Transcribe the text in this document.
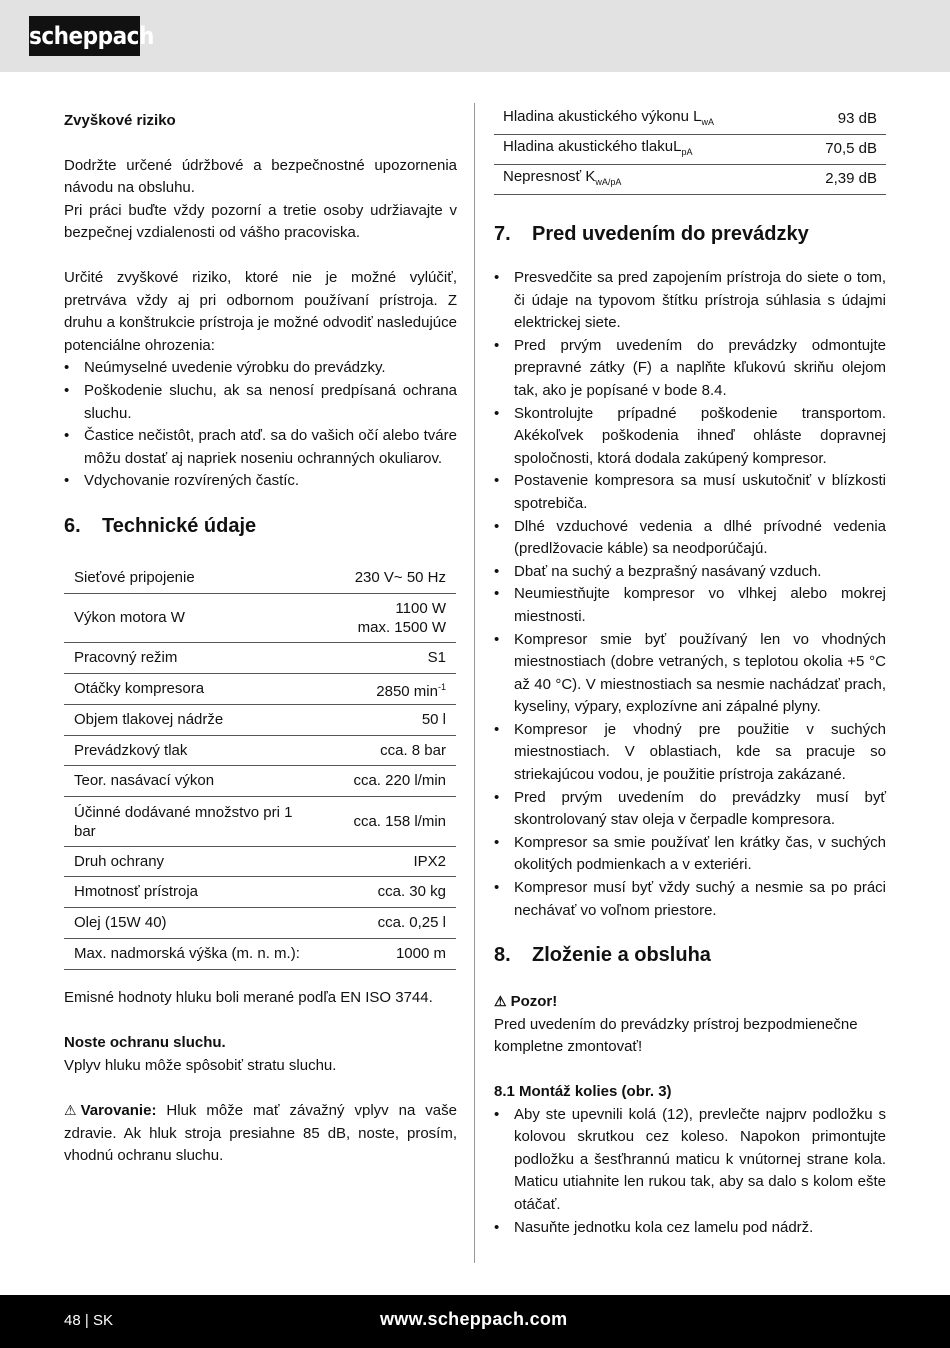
scheppach

Zvyškové riziko

Dodržte určené údržbové a bezpečnostné upozornenia návodu na obsluhu.

Pri práci buďte vždy pozorní a tretie osoby udržiavajte v bezpečnej vzdialenosti od vášho pracoviska.

Určité zvyškové riziko, ktoré nie je možné vylúčiť, pretrváva vždy aj pri odbornom používaní prístroja. Z druhu a konštrukcie prístroja je možné odvodiť nasledujúce potenciálne ohrozenia:

• Neúmyselné uvedenie výrobku do prevádzky.
• Poškodenie sluchu, ak sa nenosí predpísaná ochrana sluchu.
• Častice nečistôt, prach atď. sa do vašich očí alebo tváre môžu dostať aj napriek noseniu ochranných okuliarov.
• Vdychovanie rozvírených častíc.
6. Technické údaje
Sieťové pripojenie	230 V~ 50 Hz
Výkon motora W	1100 W
max. 1500 W
Pracovný režim	S1
Otáčky kompresora	2850 $\min^{-1}$
Objem tlakovej nádrže	50 l
Prevádzkový tlak	cca. 8 bar
Teor. nasávací výkon	cca. 220 l/min
Účinné dodávané množstvo pri 1 bar	cca. 158 l/min
Druh ochrany	IPX2
Hmotnosť prístroja	cca. 30 kg
Olej (15W 40)	cca. 0,25 l
Max. nadmorská výška (m. n. m.):	1000 m

Emisné hodnoty hluku boli merané podľa EN ISO 3744.

Noste ochranu sluchu.

Vplyv hluku môže spôsobiť stratu sluchu.

⚠ Varovanie: Hluk môže mať závažný vplyv na vaše zdravie. Ak hluk stroja presiahne 85 dB, noste, prosím, vhodnú ochranu sluchu.

Hladina akustického výkonu $L_{wA}$	93 dB
Hladina akustického tlakuL$_{pA}$	70,5 dB
Nepresnosť $K_{wA/pA}$	2,39 dB
7. Pred uvedením do prevádzky
• Presvedčite sa pred zapojením prístroja do siete o tom, či údaje na typovom štítku prístroja súhlasia s údajmi elektrickej siete.
• Pred prvým uvedením do prevádzky odmontujte prepravné zátky (F) a naplňte kľukovú skriňu olejom tak, ako je popísané v bode 8.4.
• Skontrolujte prípadné poškodenie transportom. Akékoľvek poškodenia ihneď ohláste dopravnej spoločnosti, ktorá dodala zakúpený kompresor.
• Postavenie kompresora sa musí uskutočniť v blízkosti spotrebiča.
• Dlhé vzduchové vedenia a dlhé prívodné vedenia (predlžovacie káble) sa neodporúčajú.
• Dbať na suchý a bezprašný nasávaný vzduch.
• Neumiestňujte kompresor vo vlhkej alebo mokrej miestnosti.
• Kompresor smie byť používaný len vo vhodných miestnostiach (dobre vetraných, s teplotou okolia +5 °C až 40 °C). V miestnostiach sa nesmie nachádzať prach, kyseliny, výpary, explozívne ani zápalné plyny.
• Kompresor je vhodný pre použitie v suchých miestnostiach. V oblastiach, kde sa pracuje so striekajúcou vodou, je použitie prístroja zakázané.
• Pred prvým uvedením do prevádzky musí byť skontrolovaný stav oleja v čerpadle kompresora.
• Kompresor sa smie používať len krátky čas, v suchých okolitých podmienkach a v exteriéri.
• Kompresor musí byť vždy suchý a nesmie sa po práci nechávať vo voľnom priestore.
8. Zloženie a obsluha

⚠ Pozor!

Pred uvedením do prevádzky prístroj bezpodmienečne kompletne zmontovať!

8.1 Montáž kolies (obr. 3)

• Aby ste upevnili kolá (12), prevlečte najprv podložku s kolovou skrutkou cez koleso. Napokon primontujte podložku a šesťhrannú maticu k vnútornej strane kola. Maticu utiahnite len rukou tak, aby sa dalo s kolom ešte otáčať.
• Nasuňte jednotku kola cez lamelu pod nádrž.
48 | SK	www.scheppach.com
